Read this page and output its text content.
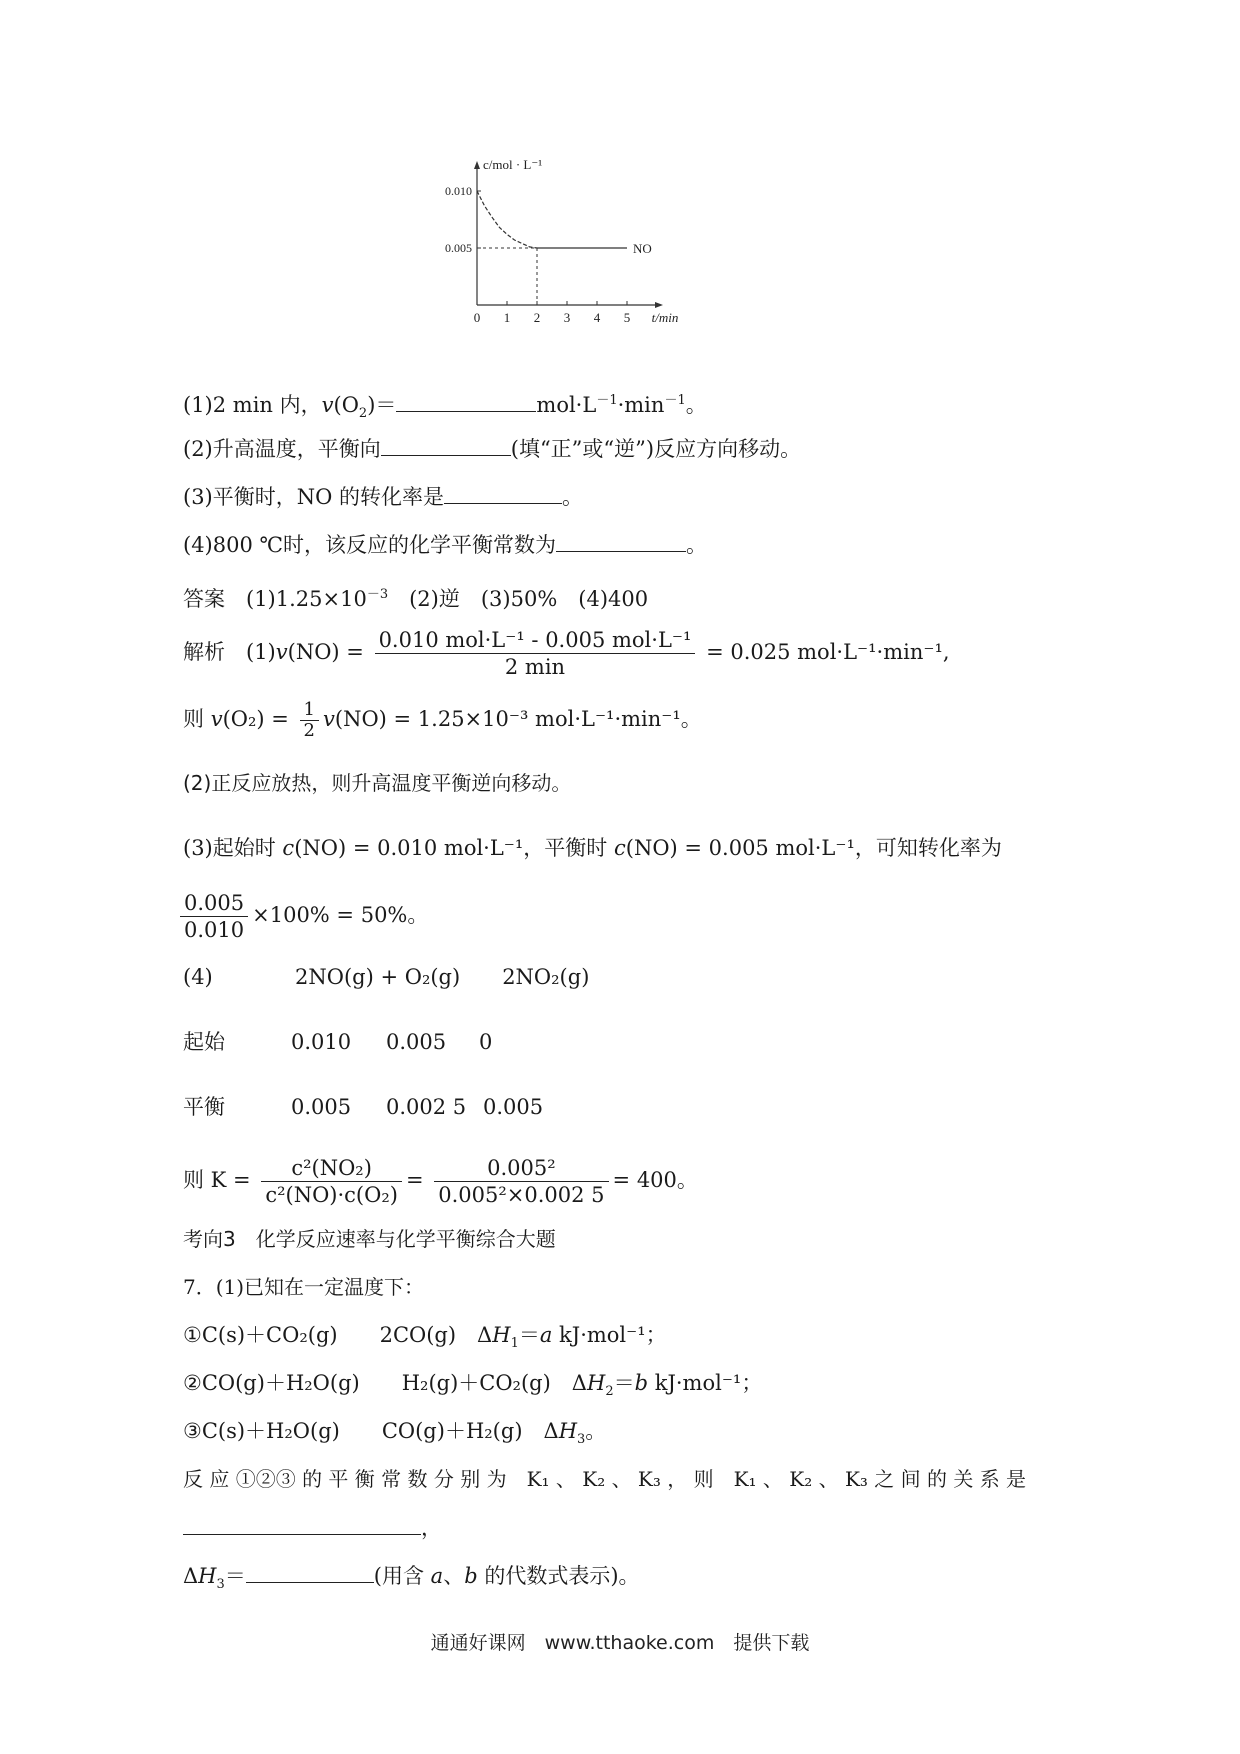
0 1 2 3 4 5
0.010
0.005
c/mol · L⁻¹
t/min
NO
(1)2 min 内，$v(O_2)=$	$mol\cdot L^{-1}\cdot\min^{-1}$。
(2)升高温度，平衡向	(填“正”或“逆”)反应方向移动。
(3)平衡时，NO 的转化率是	。
(4)800 ℃时，该反应的化学平衡常数为	。
答案　 $(1)1.25\times 10^{-3}$　 (2)逆　(3)50%　(4)400
解析　 $(1)v(NO) = \frac{\text{0.010 mol·L⁻¹ - 0.005 mol·L⁻¹}}{2 \min} = 0.025$ mol·L⁻¹·min⁻¹,
则 $v(O_2) = \frac{1}{2} v(NO) = 1.25\times 10^{-3}$ mol·L⁻¹·min⁻¹。
(2)正反应放热，则升高温度平衡逆向移动。
(3)起始时 c(NO) = 0.010 mol·L⁻¹，平衡时 c(NO) = 0.005 mol·L⁻¹，可知转化率为
$\frac{0.005}{0.010} \times 100\% = 50\%$。
(4)	2NO(g) + O₂(g)　　2NO₂(g)
起始	0.010 0.005 0
平衡	0.005 0.002 5 0.005
则 $K = \frac{\text{c²(NO₂)}}{\text{c²(NO)·c(O₂)}} = \frac{\text{0.005²}}{\text{0.005²×0.002 5}} = 400$。
考向3　 化学反应速率与化学平衡综合大题
7．(1)已知在一定温度下：
①C(s)＋CO₂(g)　　2CO(g)　$\Delta H_1=a$ kJ·mol⁻¹；
②CO(g)＋H₂O(g)　　H₂(g)＋CO₂(g)　$\Delta H_2=b$ kJ·mol⁻¹；
③C(s)＋H₂O(g)　　CO(g)＋H₂(g)　$\Delta H_3$。
反 应 ①②③ 的 平 衡 常 数 分 别 为　K₁ 、 K₂ 、 K₃ ， 则　K₁ 、 K₂ 、 K₃ 之 间 的 关 系 是
，
$\Delta H_3=$	(用含 a、b 的代数式表示)。
通通好课网　www.tthaoke.com　提供下载
